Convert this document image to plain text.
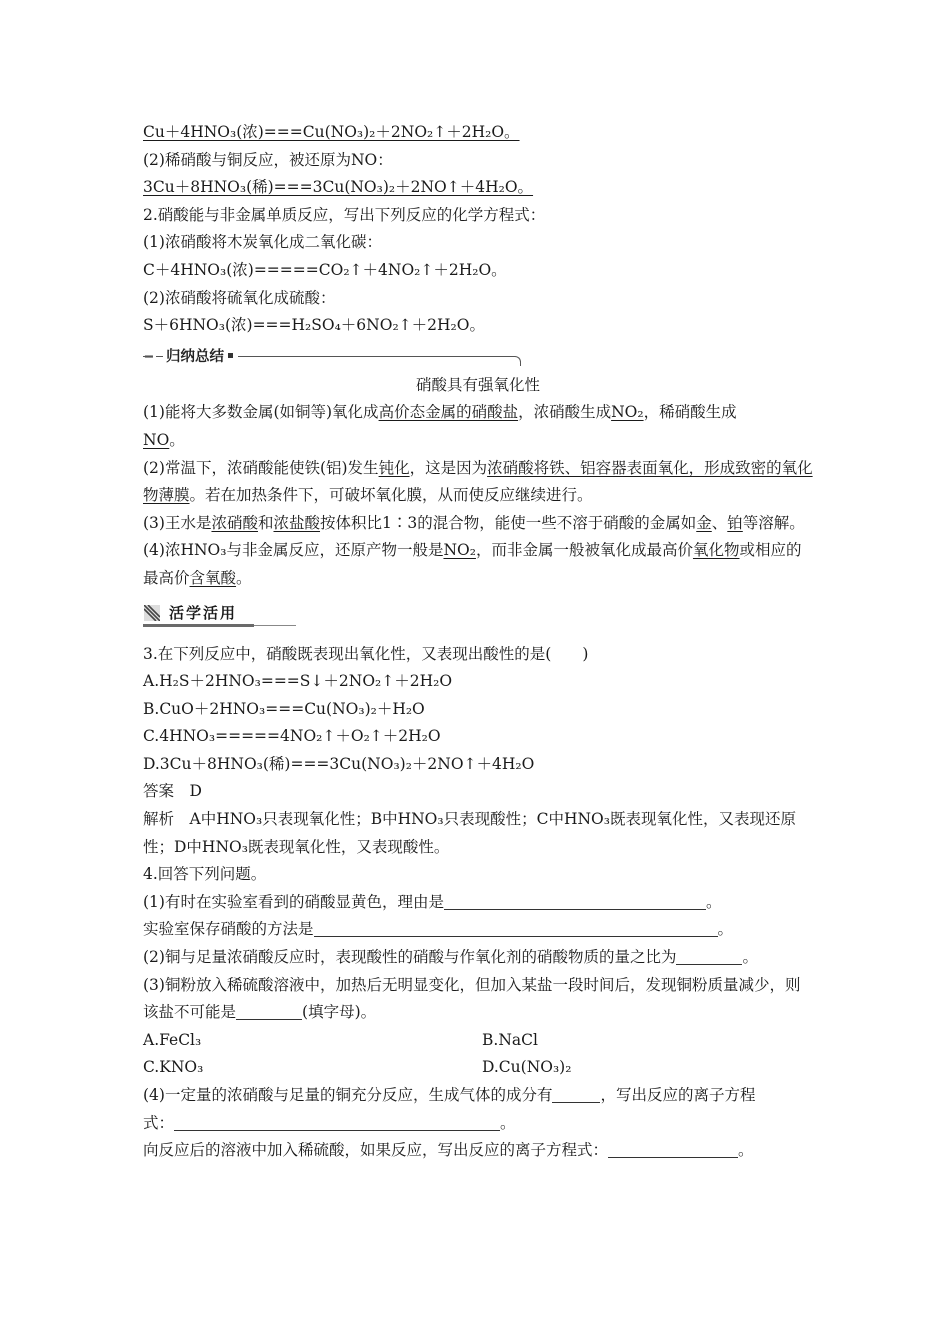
Cu＋4HNO₃(浓)===Cu(NO₃)₂＋2NO₂↑＋2H₂O。
(2)稀硝酸与铜反应，被还原为NO：
3Cu＋8HNO₃(稀)===3Cu(NO₃)₂＋2NO↑＋4H₂O。
2.硝酸能与非金属单质反应，写出下列反应的化学方程式：
(1)浓硝酸将木炭氧化成二氧化碳：
C＋4HNO₃(浓)=====CO₂↑＋4NO₂↑＋2H₂O。
(2)浓硝酸将硫氧化成硫酸：
S＋6HNO₃(浓)===H₂SO₄＋6NO₂↑＋2H₂O。
━ 归纳总结
硝酸具有强氧化性
(1)能将大多数金属(如铜等)氧化成高价态金属的硝酸盐，浓硝酸生成NO₂，稀硝酸生成
NO。
(2)常温下，浓硝酸能使铁(铝)发生钝化，这是因为浓硝酸将铁、铝容器表面氧化，形成致密的氧化物薄膜。若在加热条件下，可破坏氧化膜，从而使反应继续进行。
(3)王水是浓硝酸和浓盐酸按体积比1∶3的混合物，能使一些不溶于硝酸的金属如金、铂等溶解。
(4)浓HNO₃与非金属反应，还原产物一般是NO₂，而非金属一般被氧化成最高价氧化物或相应的最高价含氧酸。
活学活用
3.在下列反应中，硝酸既表现出氧化性，又表现出酸性的是(　　)
A.H₂S＋2HNO₃===S↓＋2NO₂↑＋2H₂O
B.CuO＋2HNO₃===Cu(NO₃)₂＋H₂O
C.4HNO₃=====4NO₂↑＋O₂↑＋2H₂O
D.3Cu＋8HNO₃(稀)===3Cu(NO₃)₂＋2NO↑＋4H₂O
答案　D
解析　A中HNO₃只表现氧化性；B中HNO₃只表现酸性；C中HNO₃既表现氧化性，又表现还原性；D中HNO₃既表现氧化性，又表现酸性。
4.回答下列问题。
(1)有时在实验室看到的硝酸显黄色，理由是	。
实验室保存硝酸的方法是	。
(2)铜与足量浓硝酸反应时，表现酸性的硝酸与作氧化剂的硝酸物质的量之比为	。
(3)铜粉放入稀硫酸溶液中，加热后无明显变化，但加入某盐一段时间后，发现铜粉质量减少，则该盐不可能是	(填字母)。
A.FeCl₃	B.NaCl
C.KNO₃	D.Cu(NO₃)₂
(4)一定量的浓硝酸与足量的铜充分反应，生成气体的成分有	，写出反应的离子方程
式：	。
向反应后的溶液中加入稀硫酸，如果反应，写出反应的离子方程式：	。
